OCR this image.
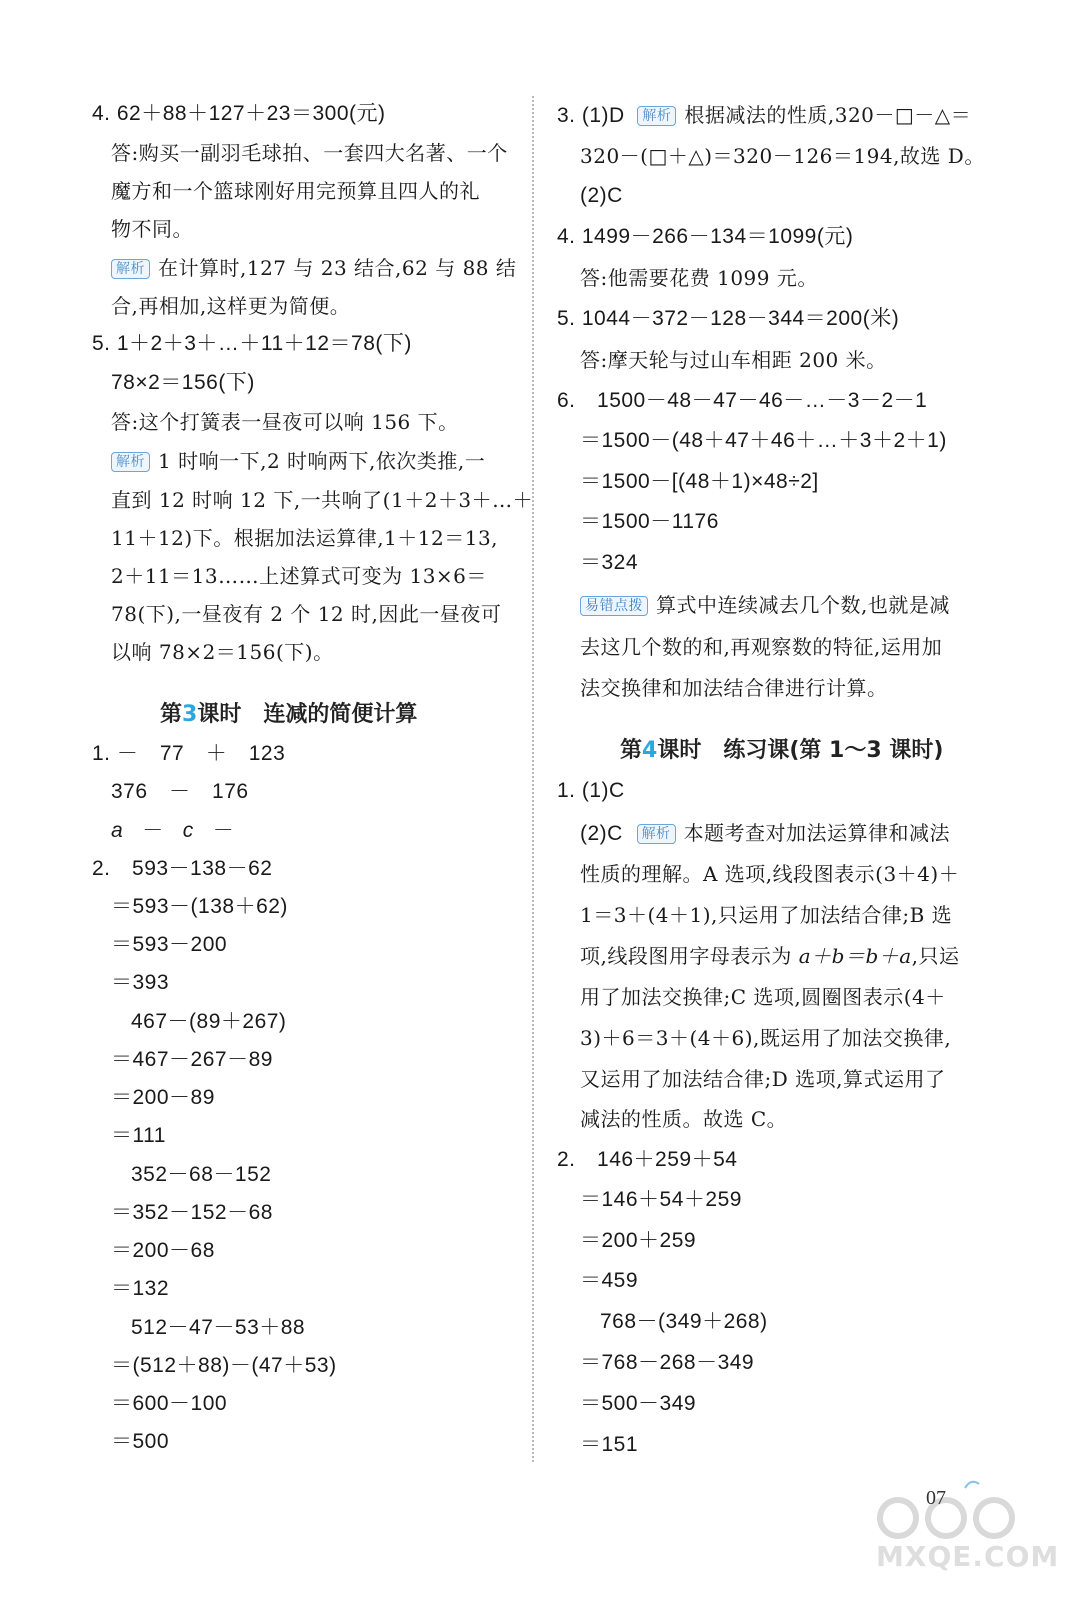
4. 62＋88＋127＋23＝300(元)
答:购买一副羽毛球拍、一套四大名著、一个
魔方和一个篮球刚好用完预算且四人的礼
物不同。
解析 在计算时,127 与 23 结合,62 与 88 结
合,再相加,这样更为简便。
5. 1＋2＋3＋…＋11＋12＝78(下)
78×2＝156(下)
答:这个打簧表一昼夜可以响 156 下。
解析 1 时响一下,2 时响两下,依次类推,一
直到 12 时响 12 下,一共响了(1＋2＋3＋…＋
11＋12)下。根据加法运算律,1＋12＝13,
2＋11＝13……上述算式可变为 13×6＝
78(下),一昼夜有 2 个 12 时,因此一昼夜可
以响 78×2＝156(下)。
第3课时 连减的简便计算
1. －　77　＋　123
376　－　176
a － c －
2.　593－138－62
＝593－(138＋62)
＝593－200
＝393
467－(89＋267)
＝467－267－89
＝200－89
＝111
352－68－152
＝352－152－68
＝200－68
＝132
512－47－53＋88
＝(512＋88)－(47＋53)
＝600－100
＝500
3. (1)D 解析 根据减法的性质,320－□－△＝
320－(□＋△)＝320－126＝194,故选 D。
(2)C
4. 1499－266－134＝1099(元)
答:他需要花费 1099 元。
5. 1044－372－128－344＝200(米)
答:摩天轮与过山车相距 200 米。
6.　1500－48－47－46－…－3－2－1
＝1500－(48＋47＋46＋…＋3＋2＋1)
＝1500－[(48＋1)×48÷2]
＝1500－1176
＝324
易错点拨 算式中连续减去几个数,也就是减
去这几个数的和,再观察数的特征,运用加
法交换律和加法结合律进行计算。
第4课时 练习课(第 1～3 课时)
1. (1)C
(2)C 解析 本题考查对加法运算律和减法
性质的理解。A 选项,线段图表示(3＋4)＋
1＝3＋(4＋1),只运用了加法结合律;B 选
项,线段图用字母表示为 a＋b＝b＋a,只运
用了加法交换律;C 选项,圆圈图表示(4＋
3)＋6＝3＋(4＋6),既运用了加法交换律,
又运用了加法结合律;D 选项,算式运用了
减法的性质。故选 C。
2.　146＋259＋54
＝146＋54＋259
＝200＋259
＝459
768－(349＋268)
＝768－268－349
＝500－349
＝151
07
MXQE.COM
